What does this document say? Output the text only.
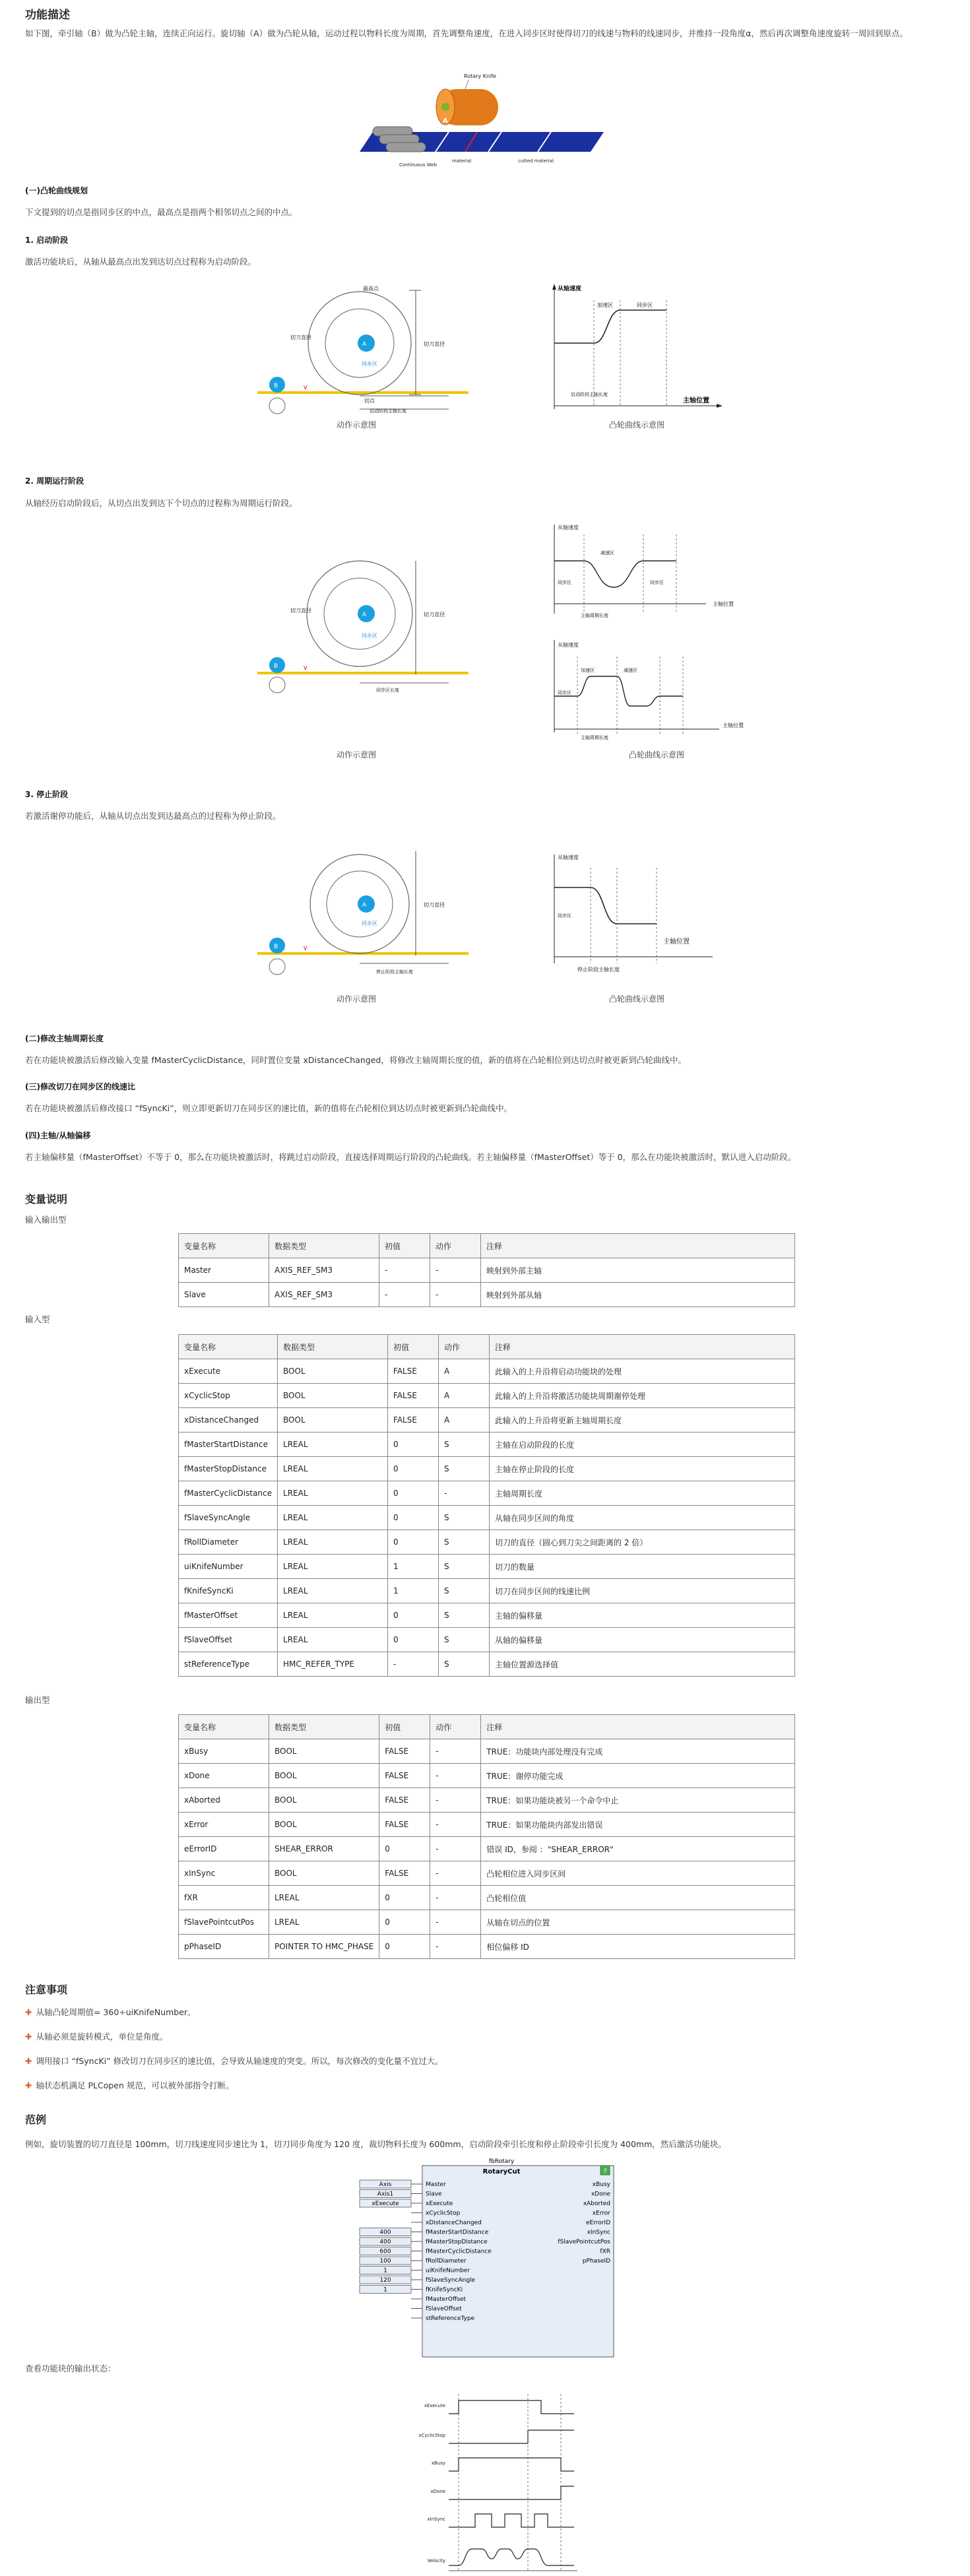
功能描述
如下图，牵引轴（B）做为凸轮主轴，连续正向运行。旋切轴（A）做为凸轮从轴，运动过程以物料长度为周期，首先调整角速度，在进入同步区时使得切刀的线速与物料的线速同步，并维持一段角度α，然后再次调整角速度旋转一周回到原点。
Rotary Knife
A
Continuous Web
material	cutted material
(一)凸轮曲线规划
下文提到的切点是指同步区的中点，最高点是指两个相邻切点之间的中点。
1. 启动阶段
激活功能块后，从轴从最高点出发到达切点过程称为启动阶段。
A
B
最高点
切刀直径
同步区
切点
V
切刀直径
启动阶段主轴长度
动作示意图
从轴速度
主轴位置
加速区	同步区
启动阶段主轴长度
凸轮曲线示意图
2. 周期运行阶段
从轴经历启动阶段后，从切点出发到达下个切点的过程称为周期运行阶段。
A
B
切刀直径
同步区
V
切刀直径
同步区长度
动作示意图
从轴速度
主轴位置
减速区
同步区	同步区
主轴周期长度
从轴速度
主轴位置
加速区	减速区
同步区
主轴周期长度
凸轮曲线示意图
3. 停止阶段
若激活谢停功能后，从轴从切点出发到达最高点的过程称为停止阶段。
A
B
同步区
V
切刀直径
停止阶段主轴长度
动作示意图
从轴速度
主轴位置
同步区
停止阶段主轴长度
凸轮曲线示意图
(二)修改主轴周期长度
若在功能块被激活后修改输入变量 fMasterCyclicDistance，同时置位变量 xDistanceChanged，将修改主轴周期长度的值，新的值将在凸轮相位到达切点时被更新到凸轮曲线中。
(三)修改切刀在同步区的线速比
若在功能块被激活后修改接口 “fSyncKi”，则立即更新切刀在同步区的速比值，新的值将在凸轮相位到达切点时被更新到凸轮曲线中。
(四)主轴/从轴偏移
若主轴偏移量（fMasterOffset）不等于 0，那么在功能块被激活时，将跳过启动阶段，直接选择周期运行阶段的凸轮曲线。若主轴偏移量（fMasterOffset）等于 0，那么在功能块被激活时，默认进入启动阶段。
变量说明
输入输出型
变量名称	数据类型	初值	动作	注释
Master	AXIS_REF_SM3	-	-	映射到外部主轴
Slave	AXIS_REF_SM3	-	-	映射到外部从轴
输入型
变量名称	数据类型	初值	动作	注释
xExecute	BOOL	FALSE	A	此输入的上升沿将启动功能块的处理
xCyclicStop	BOOL	FALSE	A	此输入的上升沿将激活功能块周期谢停处理
xDistanceChanged	BOOL	FALSE	A	此输入的上升沿将更新主轴周期长度
fMasterStartDistance	LREAL	0	S	主轴在启动阶段的长度
fMasterStopDistance	LREAL	0	S	主轴在停止阶段的长度
fMasterCyclicDistance	LREAL	0	-	主轴周期长度
fSlaveSyncAngle	LREAL	0	S	从轴在同步区间的角度
fRollDiameter	LREAL	0	S	切刀的直径（圆心到刀尖之间距离的 2 倍）
uiKnifeNumber	LREAL	1	S	切刀的数量
fKnifeSyncKi	LREAL	1	S	切刀在同步区间的线速比例
fMasterOffset	LREAL	0	S	主轴的偏移量
fSlaveOffset	LREAL	0	S	从轴的偏移量
stReferenceType	HMC_REFER_TYPE	-	S	主轴位置源选择值
输出型
变量名称	数据类型	初值	动作	注释
xBusy	BOOL	FALSE	-	TRUE：功能块内部处理没有完成
xDone	BOOL	FALSE	-	TRUE：谢停功能完成
xAborted	BOOL	FALSE	-	TRUE：如果功能块被另一个命令中止
xError	BOOL	FALSE	-	TRUE：如果功能块内部发出错误
eErrorID	SHEAR_ERROR	0	-	错误 ID，参阅 ："SHEAR_ERROR"
xInSync	BOOL	FALSE	-	凸轮相位进入同步区间
fXR	LREAL	0	-	凸轮相位值
fSlavePointcutPos	LREAL	0	-	从轴在切点的位置
pPhaseID	POINTER TO HMC_PHASE	0	-	相位偏移 ID
注意事项
✚ 从轴凸轮周期值= 360÷uiKnifeNumber。
✚ 从轴必须是旋转模式，单位是角度。
✚ 调用接口 “fSyncKi” 修改切刀在同步区的速比值，会导致从轴速度的突变。所以，每次修改的变化量不宜过大。
✚ 轴状态机满足 PLCopen 规范，可以被外部指令打断。
范例
例如，旋切装置的切刀直径是 100mm，切刀线速度同步速比为 1，切刀同步角度为 120 度，裁切物料长度为 600mm，启动阶段牵引长度和停止阶段牵引长度为 400mm，然后激活功能块。
fbRotary
?
RotaryCut
Master
Axis
Slave
Axis1
xExecute
xExecute
xCyclicStop
xDistanceChanged
fMasterStartDistance
400
fMasterStopDistance
400
fMasterCyclicDistance
600
fRollDiameter
100
uiKnifeNumber
1
fSlaveSyncAngle
120
fKnifeSyncKi
1
fMasterOffset
fSlaveOffset
stReferenceType
xBusy
xDone
xAborted
xError
eErrorID
xInSync
fSlavePointcutPos
fXR
pPhaseID
查看功能块的输出状态：
xExecute
xCyclicStop
xBusy
xDone
xInSync
Velocity
